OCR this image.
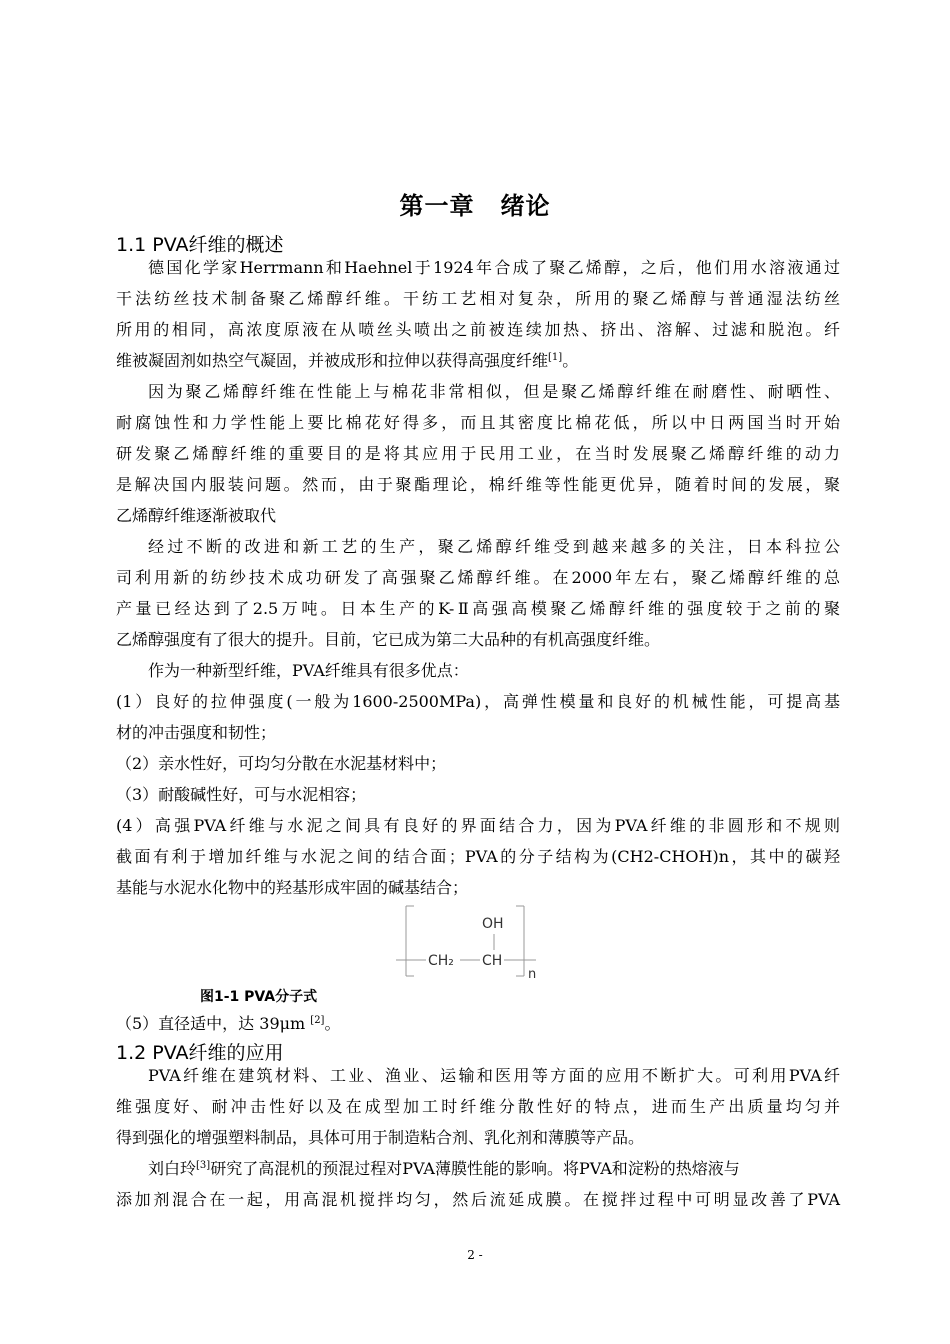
第一章 绪论
1.1 PVA纤维的概述
德国化学家Herrmann和Haehnel于1924年合成了聚乙烯醇，之后，他们用水溶液通过
干法纺丝技术制备聚乙烯醇纤维。干纺工艺相对复杂，所用的聚乙烯醇与普通湿法纺丝
所用的相同，高浓度原液在从喷丝头喷出之前被连续加热、挤出、溶解、过滤和脱泡。纤
维被凝固剂如热空气凝固，并被成形和拉伸以获得高强度纤维[1]。
因为聚乙烯醇纤维在性能上与棉花非常相似，但是聚乙烯醇纤维在耐磨性、耐晒性、
耐腐蚀性和力学性能上要比棉花好得多，而且其密度比棉花低，所以中日两国当时开始
研发聚乙烯醇纤维的重要目的是将其应用于民用工业，在当时发展聚乙烯醇纤维的动力
是解决国内服装问题。然而，由于聚酯理论，棉纤维等性能更优异，随着时间的发展，聚
乙烯醇纤维逐渐被取代
经过不断的改进和新工艺的生产，聚乙烯醇纤维受到越来越多的关注，日本科拉公
司利用新的纺纱技术成功研发了高强聚乙烯醇纤维。在2000年左右，聚乙烯醇纤维的总
产量已经达到了2.5万吨。日本生产的K-Ⅱ高强高模聚乙烯醇纤维的强度较于之前的聚
乙烯醇强度有了很大的提升。目前，它已成为第二大品种的有机高强度纤维。
作为一种新型纤维，PVA纤维具有很多优点：
(1）良好的拉伸强度(一般为1600-2500MPa)，高弹性模量和良好的机械性能，可提高基
材的冲击强度和韧性；
（2）亲水性好，可均匀分散在水泥基材料中；
（3）耐酸碱性好，可与水泥相容；
(4）高强PVA纤维与水泥之间具有良好的界面结合力，因为PVA纤维的非圆形和不规则
截面有利于增加纤维与水泥之间的结合面；PVA的分子结构为(CH2-CHOH)n，其中的碳羟
基能与水泥水化物中的羟基形成牢固的碱基结合；
OH
CH₂ CH
n
图1-1 PVA分子式
（5）直径适中，达 39μm [2]。
1.2 PVA纤维的应用
PVA纤维在建筑材料、工业、渔业、运输和医用等方面的应用不断扩大。可利用PVA纤
维强度好、耐冲击性好以及在成型加工时纤维分散性好的特点，进而生产出质量均匀并
得到强化的增强塑料制品，具体可用于制造粘合剂、乳化剂和薄膜等产品。
刘白玲[3]研究了高混机的预混过程对PVA薄膜性能的影响。将PVA和淀粉的热熔液与
添加剂混合在一起，用高混机搅拌均匀，然后流延成膜。在搅拌过程中可明显改善了PVA
2 -
